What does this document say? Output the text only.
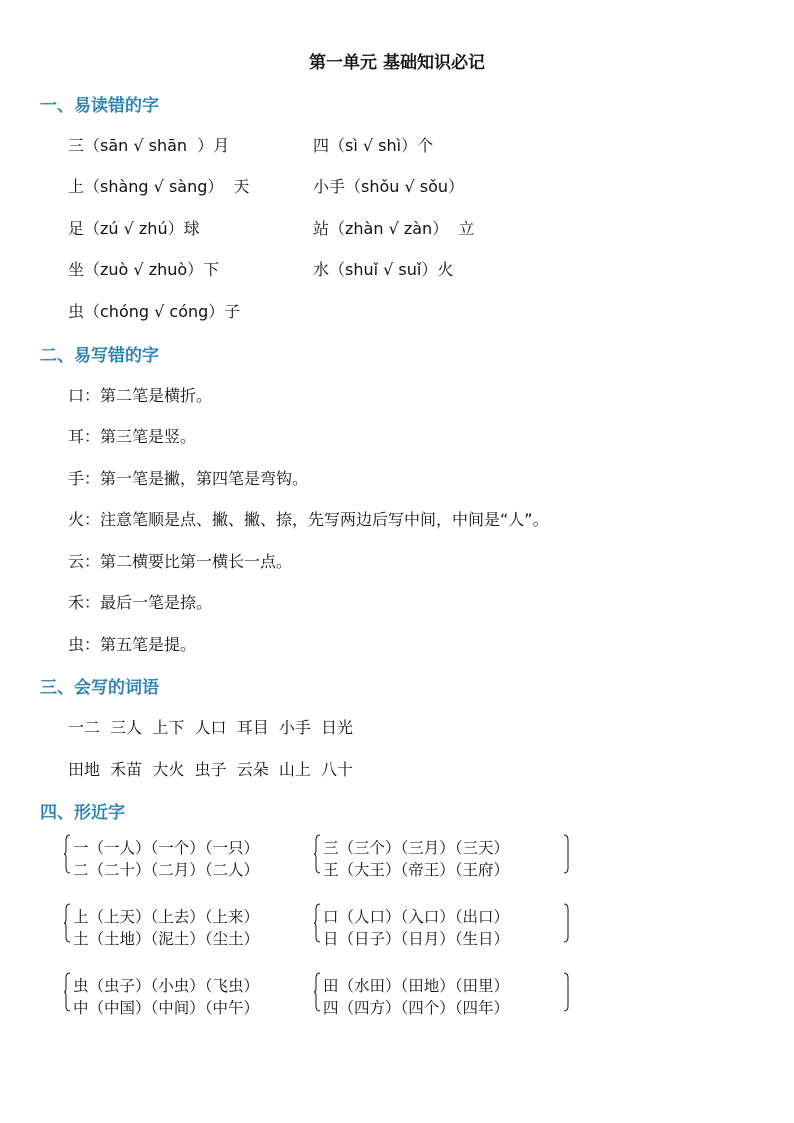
第一单元 基础知识必记
一、易读错的字
三（sān √ shān  ）月
上（shàng √ sàng）  天
足（zú √ zhú）球
坐（zuò √ zhuò）下
虫（chóng √ cóng）子
四（sì √ shì）个
小手（shǒu √ sǒu）
站（zhàn √ zàn）  立
水（shuǐ √ suǐ）火
二、易写错的字
口：第二笔是横折。
耳：第三笔是竖。
手：第一笔是撇，第四笔是弯钩。
火：注意笔顺是点、撇、撇、捺，先写两边后写中间，中间是“人”。
云：第二横要比第一横长一点。
禾：最后一笔是捺。
虫：第五笔是提。
三、会写的词语
一二  三人  上下  人口  耳目  小手  日光
田地  禾苗  大火  虫子  云朵  山上  八十
四、形近字
一（一人）（一个）（一只）
二（二十）（二月）（二人）
三（三个）（三月）（三天）
王（大王）（帝王）（王府）
上（上天）（上去）（上来）
土（土地）（泥土）（尘土）
口（人口）（入口）（出口）
日（日子）（日月）（生日）
虫（虫子）（小虫）（飞虫）
中（中国）（中间）（中午）
田（水田）（田地）（田里）
四（四方）（四个）（四年）
